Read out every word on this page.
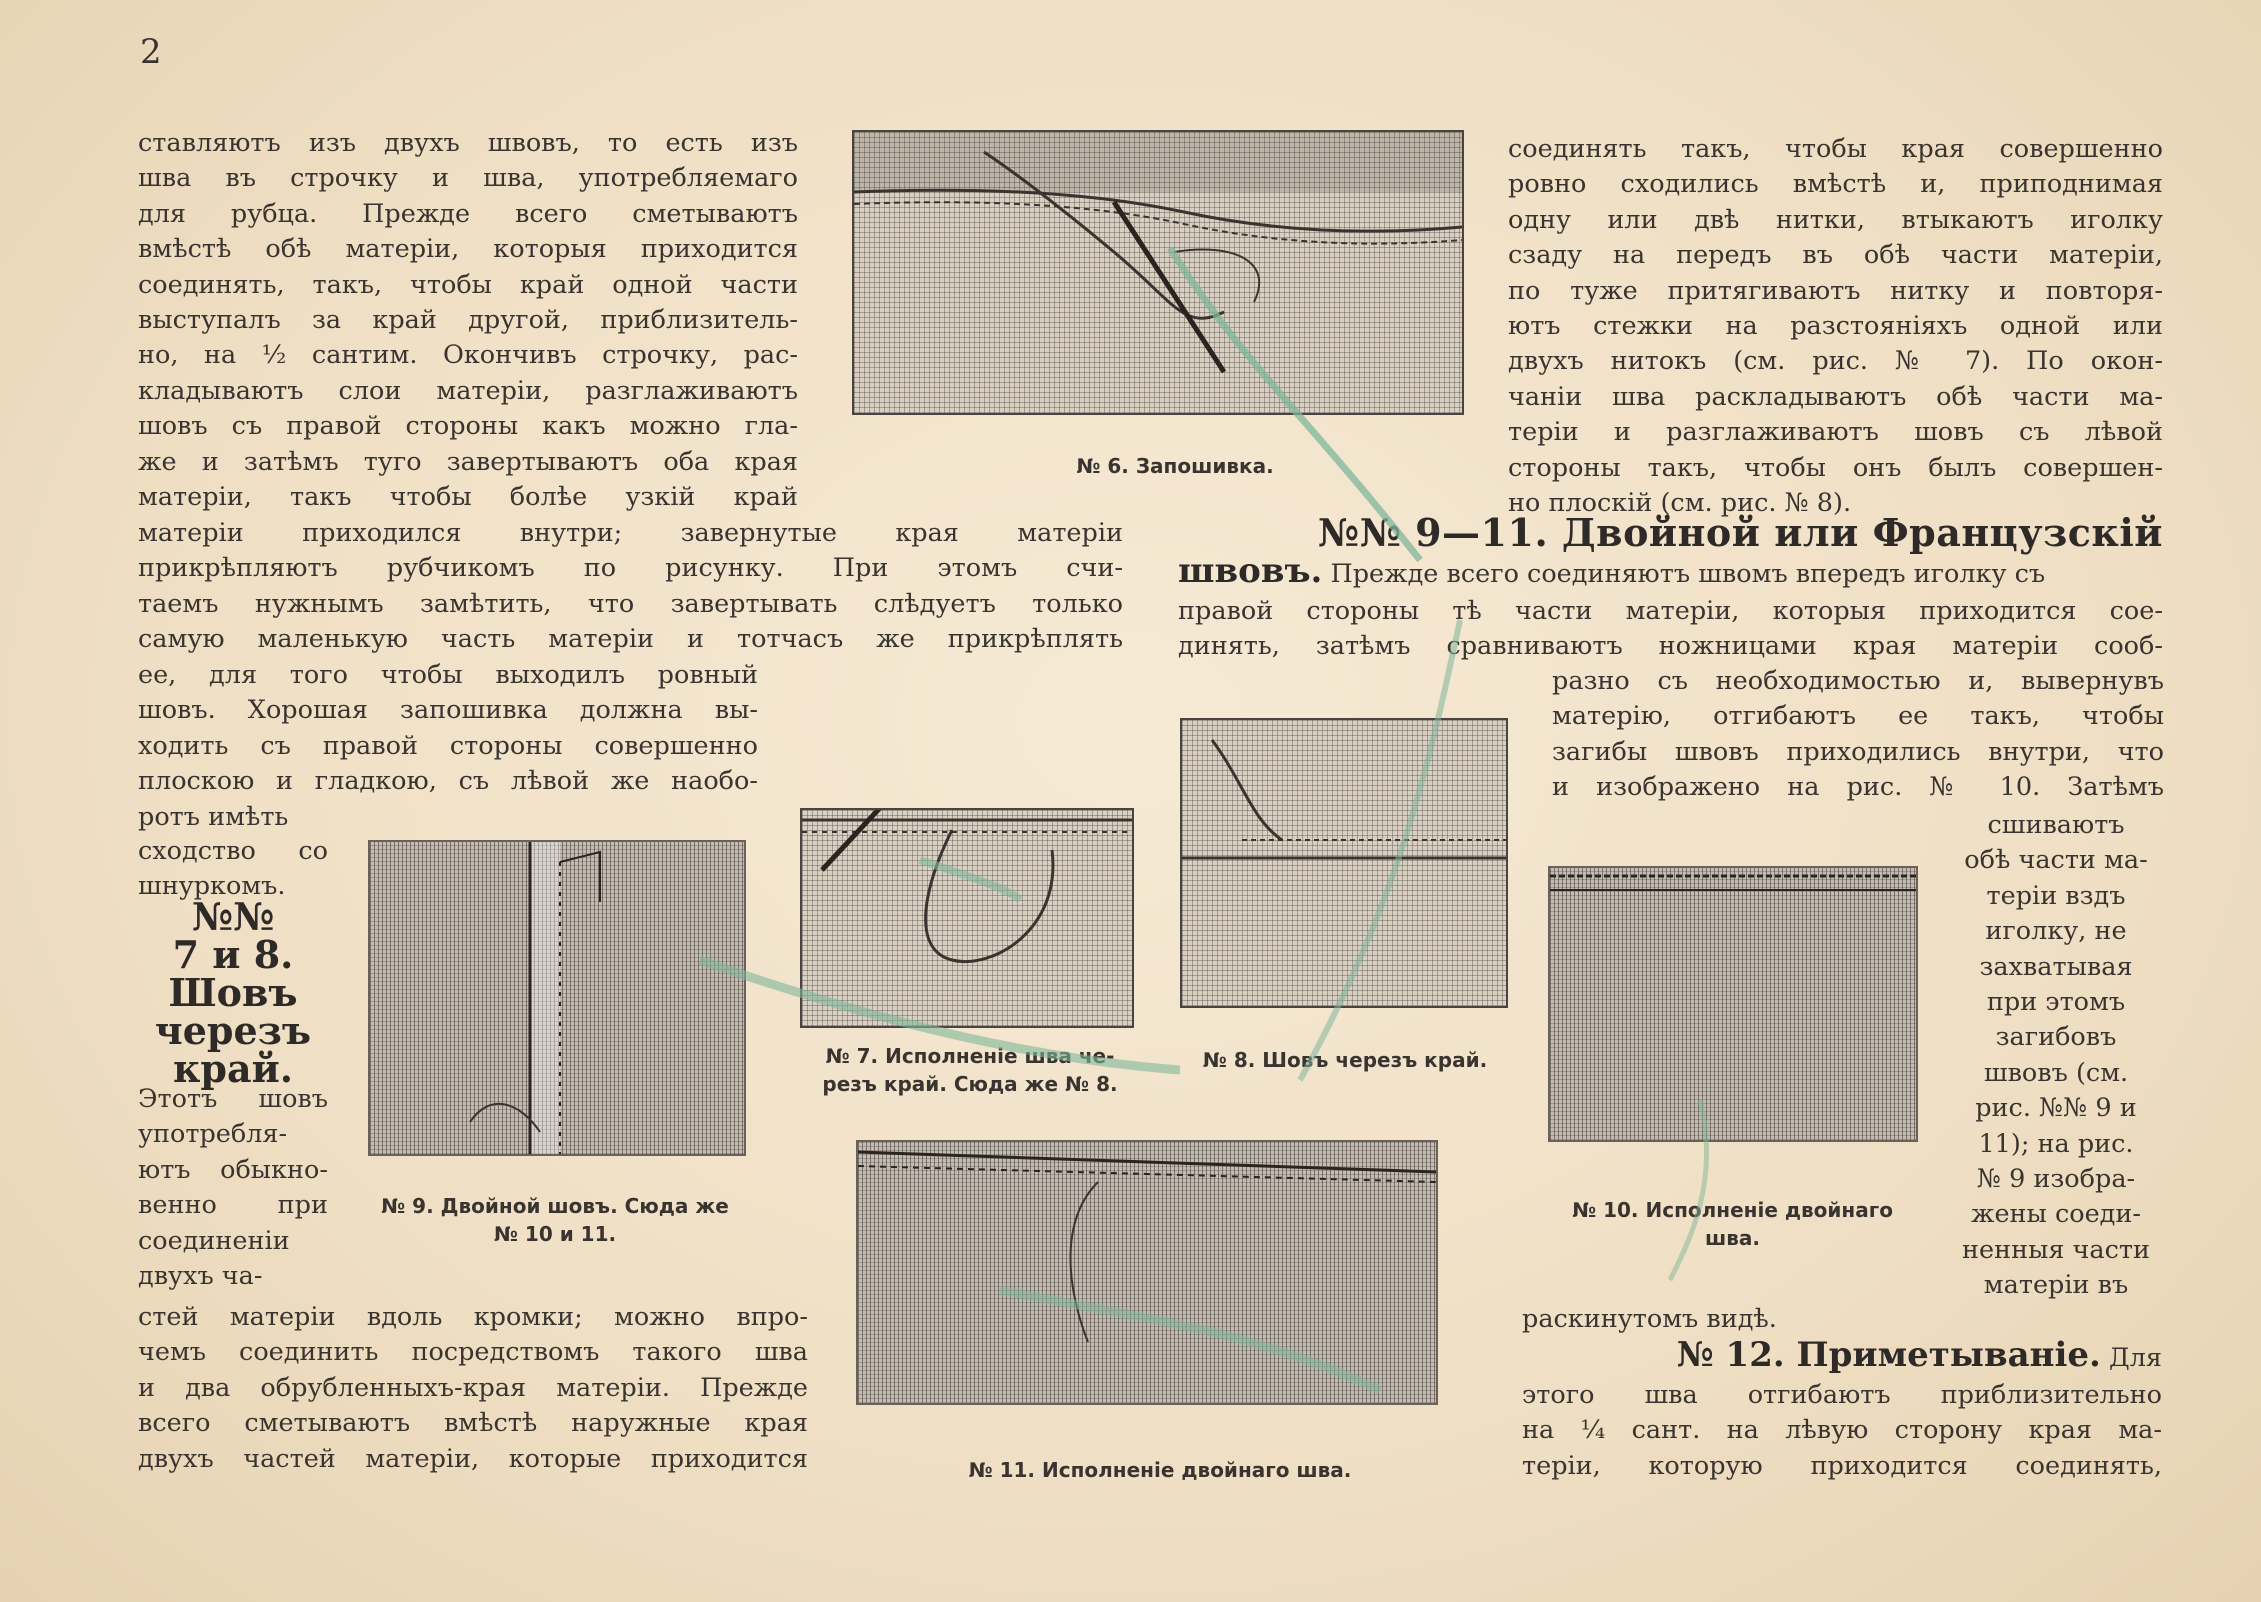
2
ставляютъ изъ двухъ швовъ, то есть изъ
шва въ строчку и шва, употребляемаго
для рубца. Прежде всего сметываютъ
вмѣстѣ обѣ матеріи, которыя приходится
соединять, такъ, чтобы край одной части
выступалъ за край другой, приблизитель-
но, на ½ сантим. Окончивъ строчку, рас-
кладываютъ слои матеріи, разглаживаютъ
шовъ съ правой стороны какъ можно гла-
же и затѣмъ туго завертываютъ оба края
матеріи, такъ чтобы болѣе узкій край
матеріи приходился внутри; завернутые края матеріи
прикрѣпляютъ рубчикомъ по рисунку. При этомъ счи-
таемъ нужнымъ замѣтить, что завертывать слѣдуетъ только
самую маленькую часть матеріи и тотчасъ же прикрѣплять
ее, для того чтобы выходилъ ровный
шовъ. Хорошая запошивка должна вы-
ходить съ правой стороны совершенно
плоскою и гладкою, съ лѣвой же наобо-
ротъ имѣть
сходство со
шнуркомъ.
№№
7 и 8.
Шовъ
черезъ
край.
Этотъ шовъ
употребля-
ютъ обыкно-
венно при
соединеніи
двухъ ча-
стей матеріи вдоль кромки; можно впро-
чемъ соединить посредствомъ такого шва
и два обрубленныхъ-края матеріи. Прежде
всего сметываютъ вмѣстѣ наружные края
двухъ частей матеріи, которые приходится
соединять такъ, чтобы края совершенно
ровно сходились вмѣстѣ и, приподнимая
одну или двѣ нитки, втыкаютъ иголку
сзаду на передъ въ обѣ части матеріи,
по туже притягиваютъ нитку и повторя-
ютъ стежки на разстояніяхъ одной или
двухъ нитокъ (см. рис. № 7). По окон-
чаніи шва раскладываютъ обѣ части ма-
теріи и разглаживаютъ шовъ съ лѣвой
стороны такъ, чтобы онъ былъ совершен-
но плоскій (см. рис. № 8).
№№ 9—11. Двойной или Французскій
швовъ. Прежде всего соединяютъ швомъ впередъ иголку съ
правой стороны тѣ части матеріи, которыя приходится сое-
динять, затѣмъ сравниваютъ ножницами края матеріи сооб-
разно съ необходимостью и, вывернувъ
матерію, отгибаютъ ее такъ, чтобы
загибы швовъ приходились внутри, что
и изображено на рис. № 10. Затѣмъ
сшиваютъ
обѣ части ма-
теріи вздъ
иголку, не
захватывая
при этомъ
загибовъ
швовъ (см.
рис. №№ 9 и
11); на рис.
№ 9 изобра-
жены соеди-
ненныя части
матеріи въ
раскинутомъ видѣ.
№ 12. Приметываніе. Для
этого шва отгибаютъ приблизительно
на ¼ сант. на лѣвую сторону края ма-
теріи, которую приходится соединять,
№ 6. Запошивка.
№ 9. Двойной шовъ. Сюда же
№ 10 и 11.
№ 7. Исполненіе шва че-
резъ край. Сюда же № 8.
№ 8. Шовъ черезъ край.
№ 10. Исполненіе двойнаго
шва.
№ 11. Исполненіе двойнаго шва.
